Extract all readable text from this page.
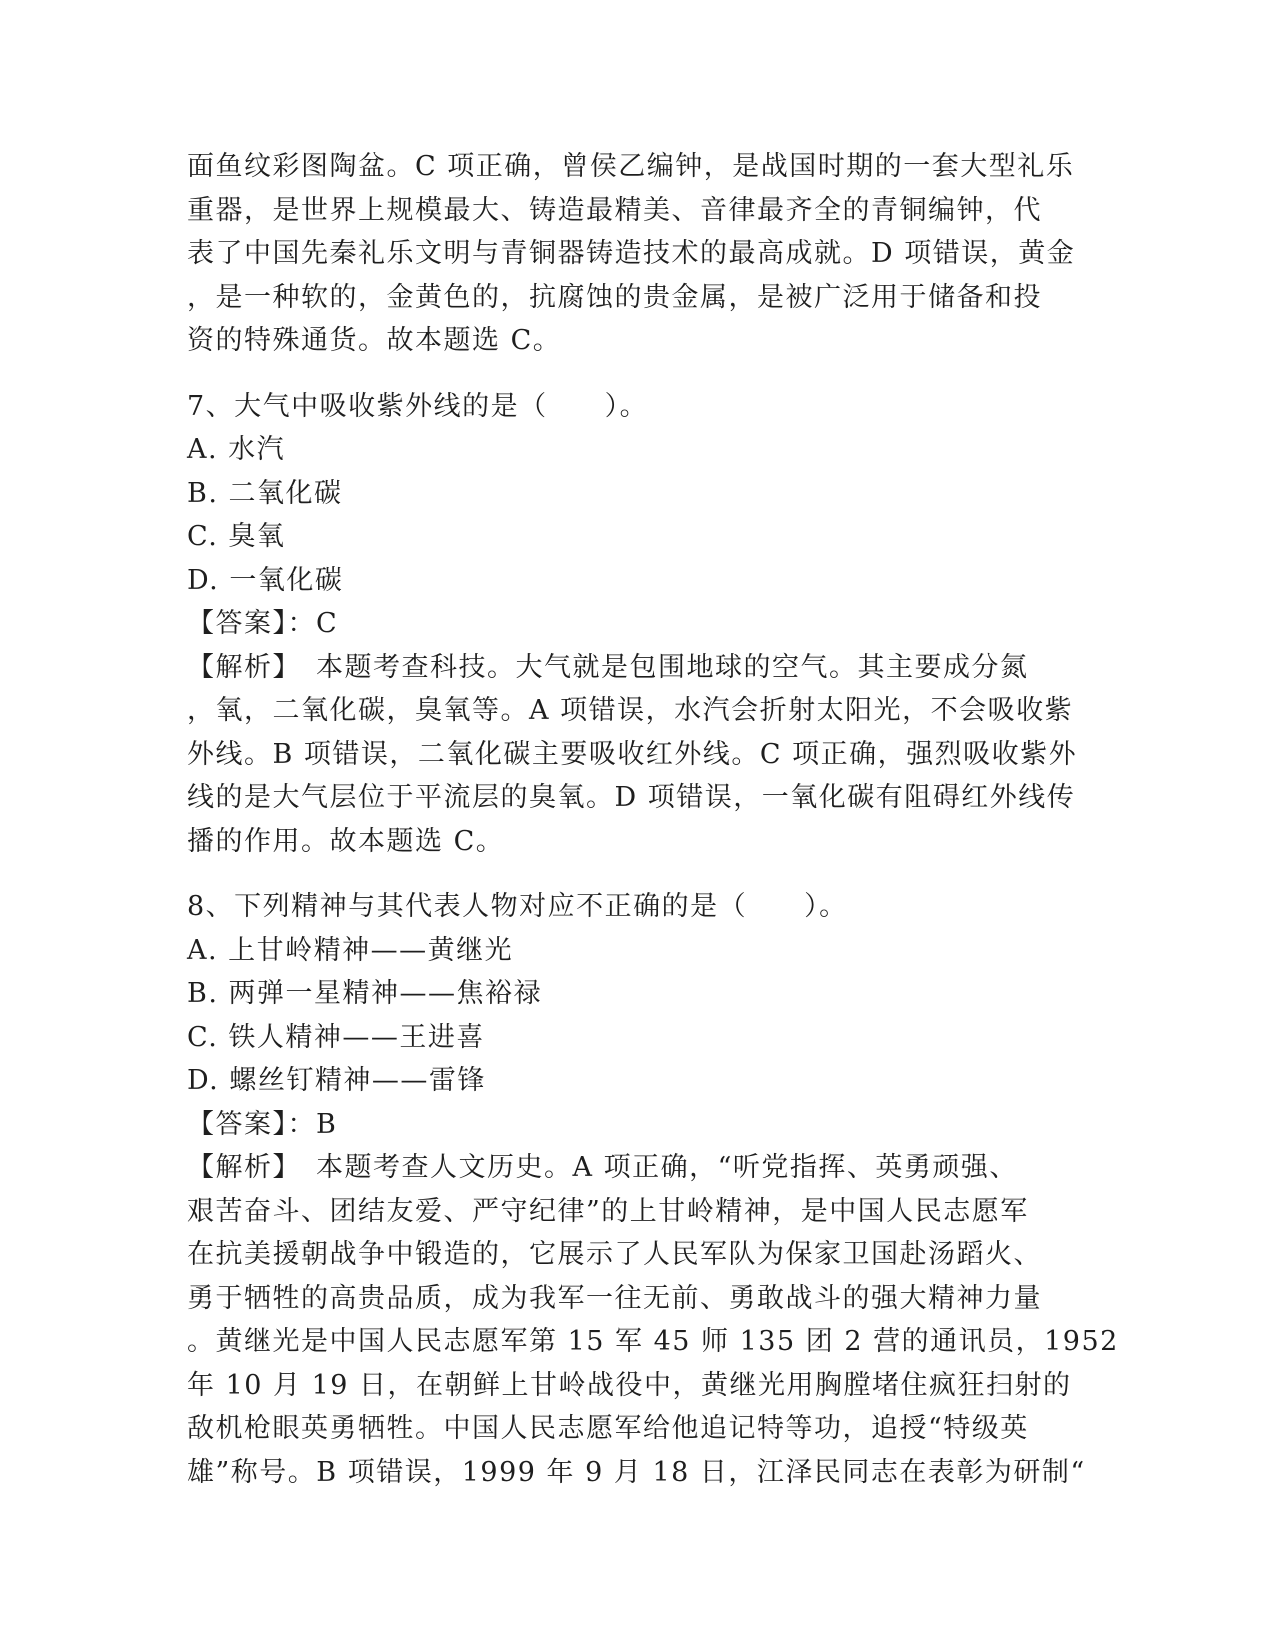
面鱼纹彩图陶盆。C 项正确，曾侯乙编钟，是战国时期的一套大型礼乐
重器，是世界上规模最大、铸造最精美、音律最齐全的青铜编钟，代
表了中国先秦礼乐文明与青铜器铸造技术的最高成就。D 项错误，黄金
，是一种软的，金黄色的，抗腐蚀的贵金属，是被广泛用于储备和投
资的特殊通货。故本题选 C。
7、大气中吸收紫外线的是（　　）。
A. 水汽
B. 二氧化碳
C. 臭氧
D. 一氧化碳
【答案】：C
【解析】　本题考查科技。大气就是包围地球的空气。其主要成分氮
，氧，二氧化碳，臭氧等。A 项错误，水汽会折射太阳光，不会吸收紫
外线。B 项错误，二氧化碳主要吸收红外线。C 项正确，强烈吸收紫外
线的是大气层位于平流层的臭氧。D 项错误，一氧化碳有阻碍红外线传
播的作用。故本题选 C。
8、下列精神与其代表人物对应不正确的是（　　）。
A. 上甘岭精神——黄继光
B. 两弹一星精神——焦裕禄
C. 铁人精神——王进喜
D. 螺丝钉精神——雷锋
【答案】：B
【解析】　本题考查人文历史。A 项正确，“听党指挥、英勇顽强、
艰苦奋斗、团结友爱、严守纪律”的上甘岭精神，是中国人民志愿军
在抗美援朝战争中锻造的，它展示了人民军队为保家卫国赴汤蹈火、
勇于牺牲的高贵品质，成为我军一往无前、勇敢战斗的强大精神力量
。黄继光是中国人民志愿军第 15 军 45 师 135 团 2 营的通讯员，1952
年 10 月 19 日，在朝鲜上甘岭战役中，黄继光用胸膛堵住疯狂扫射的
敌机枪眼英勇牺牲。中国人民志愿军给他追记特等功，追授“特级英
雄”称号。B 项错误，1999 年 9 月 18 日，江泽民同志在表彰为研制“
